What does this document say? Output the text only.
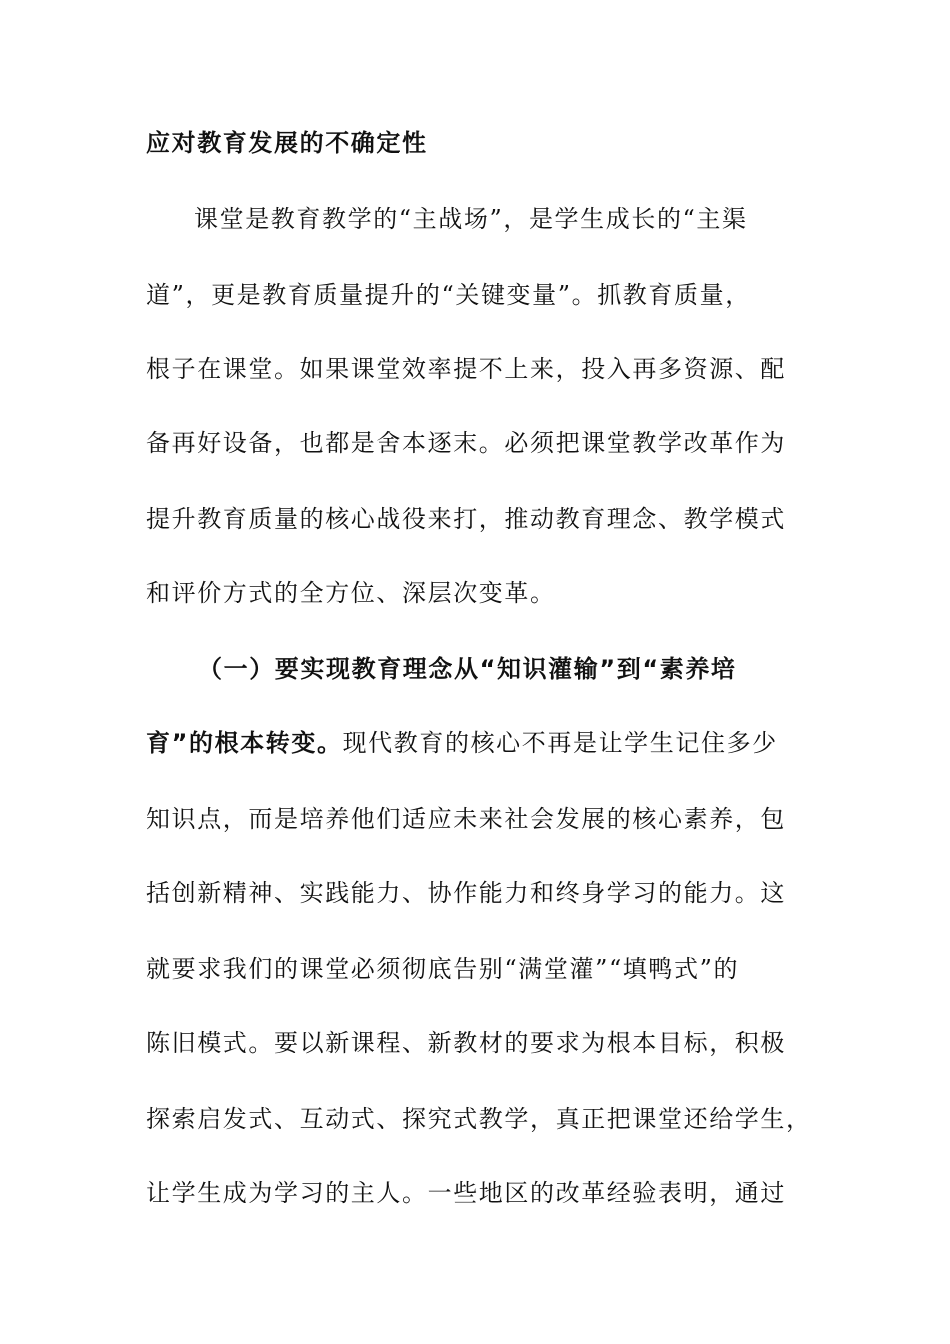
应对教育发展的不确定性
课堂是教育教学的“主战场”，是学生成长的“主渠
道”，更是教育质量提升的“关键变量”。抓教育质量，
根子在课堂。如果课堂效率提不上来，投入再多资源、配
备再好设备，也都是舍本逐末。必须把课堂教学改革作为
提升教育质量的核心战役来打，推动教育理念、教学模式
和评价方式的全方位、深层次变革。
（一）要实现教育理念从“知识灌输”到“素养培
育”的根本转变。现代教育的核心不再是让学生记住多少
知识点，而是培养他们适应未来社会发展的核心素养，包
括创新精神、实践能力、协作能力和终身学习的能力。这
就要求我们的课堂必须彻底告别“满堂灌”“填鸭式”的
陈旧模式。要以新课程、新教材的要求为根本目标，积极
探索启发式、互动式、探究式教学，真正把课堂还给学生，
让学生成为学习的主人。一些地区的改革经验表明，通过
